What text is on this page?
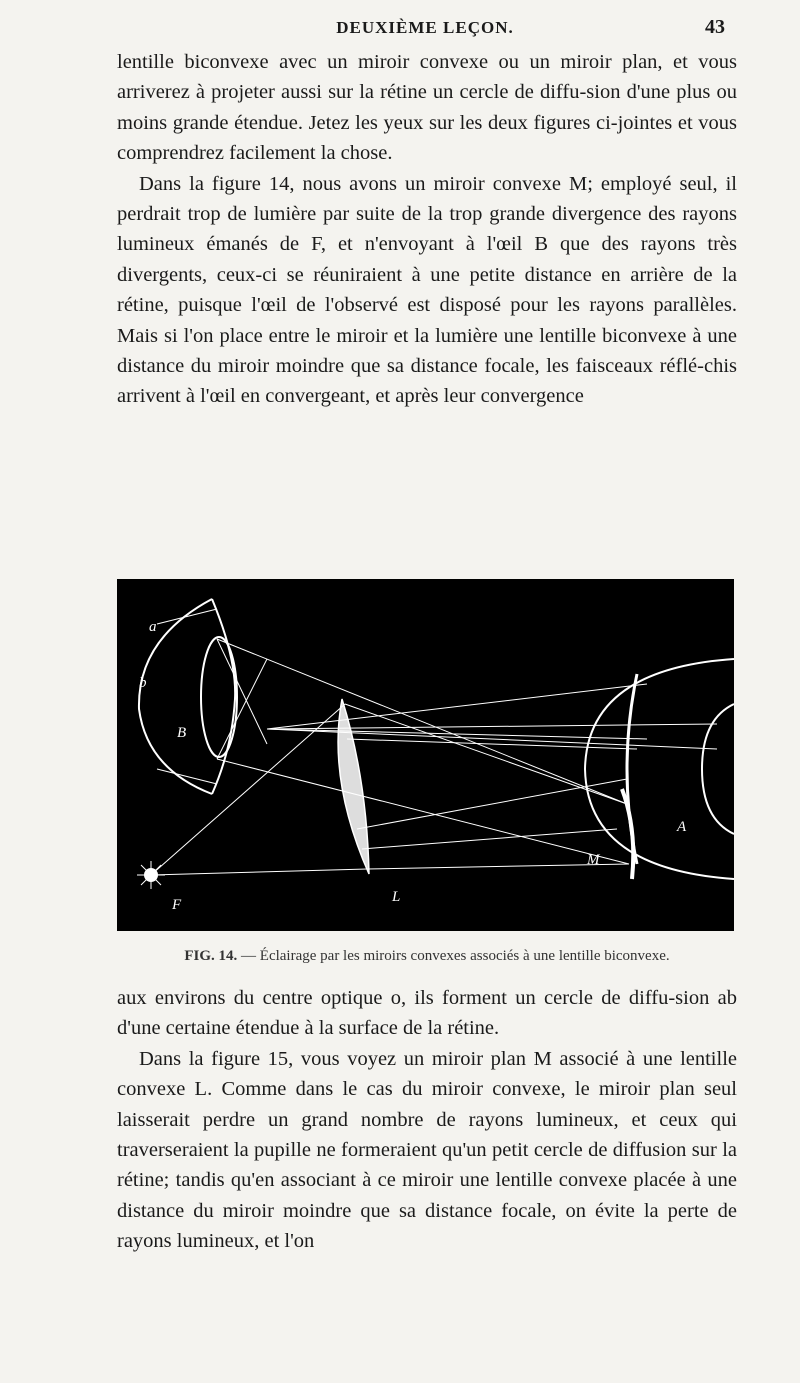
DEUXIÈME LEÇON.	43

lentille biconvexe avec un miroir convexe ou un miroir plan, et vous arriverez à projeter aussi sur la rétine un cercle de diffu-sion d'une plus ou moins grande étendue. Jetez les yeux sur les deux figures ci-jointes et vous comprendrez facilement la chose.
Dans la figure 14, nous avons un miroir convexe M; employé seul, il perdrait trop de lumière par suite de la trop grande divergence des rayons lumineux émanés de F, et n'envoyant à l'œil B que des rayons très divergents, ceux-ci se réuniraient à une petite distance en arrière de la rétine, puisque l'œil de l'observé est disposé pour les rayons parallèles. Mais si l'on place entre le miroir et la lumière une lentille biconvexe à une distance du miroir moindre que sa distance focale, les faisceaux réflé-chis arrivent à l'œil en convergeant, et après leur convergence

a
b
B
A
M
F	L
FIG. 14. — Éclairage par les miroirs convexes associés à une lentille biconvexe.

aux environs du centre optique o, ils forment un cercle de diffu-sion ab d'une certaine étendue à la surface de la rétine.
Dans la figure 15, vous voyez un miroir plan M associé à une lentille convexe L. Comme dans le cas du miroir convexe, le miroir plan seul laisserait perdre un grand nombre de rayons lumineux, et ceux qui traverseraient la pupille ne formeraient qu'un petit cercle de diffusion sur la rétine; tandis qu'en associant à ce miroir une lentille convexe placée à une distance du miroir moindre que sa distance focale, on évite la perte de rayons lumineux, et l'on
